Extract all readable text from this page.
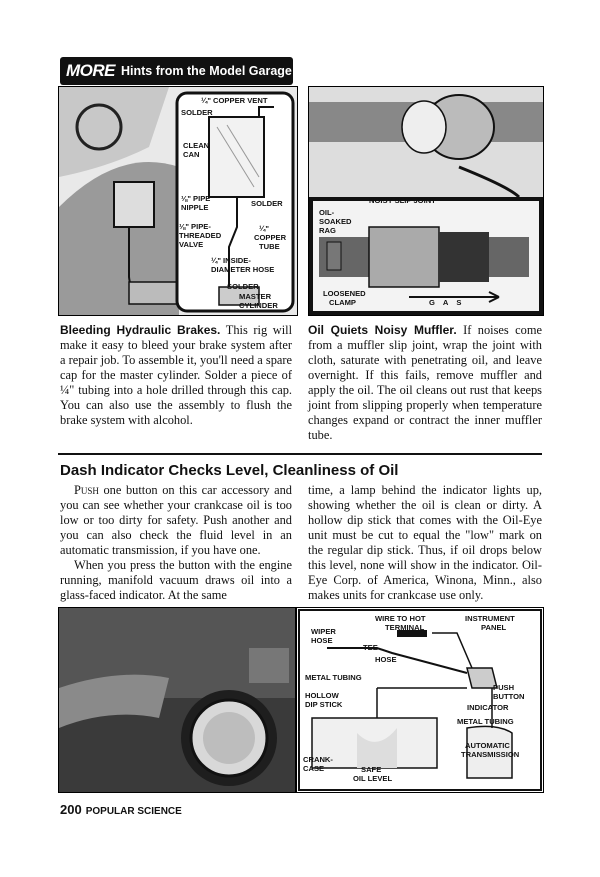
MORE Hints from the Model Garage
¼" COPPER VENT
SOLDER
CLEAN
CAN
⅛" PIPE
NIPPLE	SOLDER
⅛" PIPE-
THREADED
VALVE
¼"
COPPER
TUBE
¼" INSIDE-
DIAMETER HOSE
SOLDER
MASTER
CYLINDER
NOISY SLIP JOINT
OIL-
SOAKED
RAG
LOOSENED
CLAMP	GAS

Bleeding Hydraulic Brakes. This rig will make it easy to bleed your brake system after a repair job. To assemble it, you'll need a spare cap for the master cylinder. Solder a piece of ¼" tubing into a hole drilled through this cap. You can also use the assembly to flush the brake system with alcohol.

Oil Quiets Noisy Muffler. If noises come from a muffler slip joint, wrap the joint with cloth, saturate with penetrating oil, and leave overnight. If this fails, remove muffler and apply the oil. The oil cleans out rust that keeps joint from slipping properly when temperature changes expand or contract the inner muffler tube.

Dash Indicator Checks Level, Cleanliness of Oil

Push one button on this car accessory and you can see whether your crankcase oil is too low or too dirty for safety. Push another and you can also check the fluid level in an automatic transmission, if you have one.

When you press the button with the engine running, manifold vacuum draws oil into a glass-faced indicator. At the same

time, a lamp behind the indicator lights up, showing whether the oil is clean or dirty. A hollow dip stick that comes with the Oil-Eye unit must be cut to equal the "low" mark on the regular dip stick. Thus, if oil drops below this level, none will show in the indicator. Oil-Eye Corp. of America, Winona, Minn., also makes units for crankcase use only.

WIRE TO HOT
TERMINAL
INSTRUMENT
PANEL
WIPER
HOSE
TEE
HOSE
METAL TUBING
HOLLOW
DIP STICK
PUSH
BUTTON
INDICATOR
METAL TUBING
AUTOMATIC
TRANSMISSION
CRANK-
CASE	SAFE
OIL LEVEL
200 POPULAR SCIENCE
